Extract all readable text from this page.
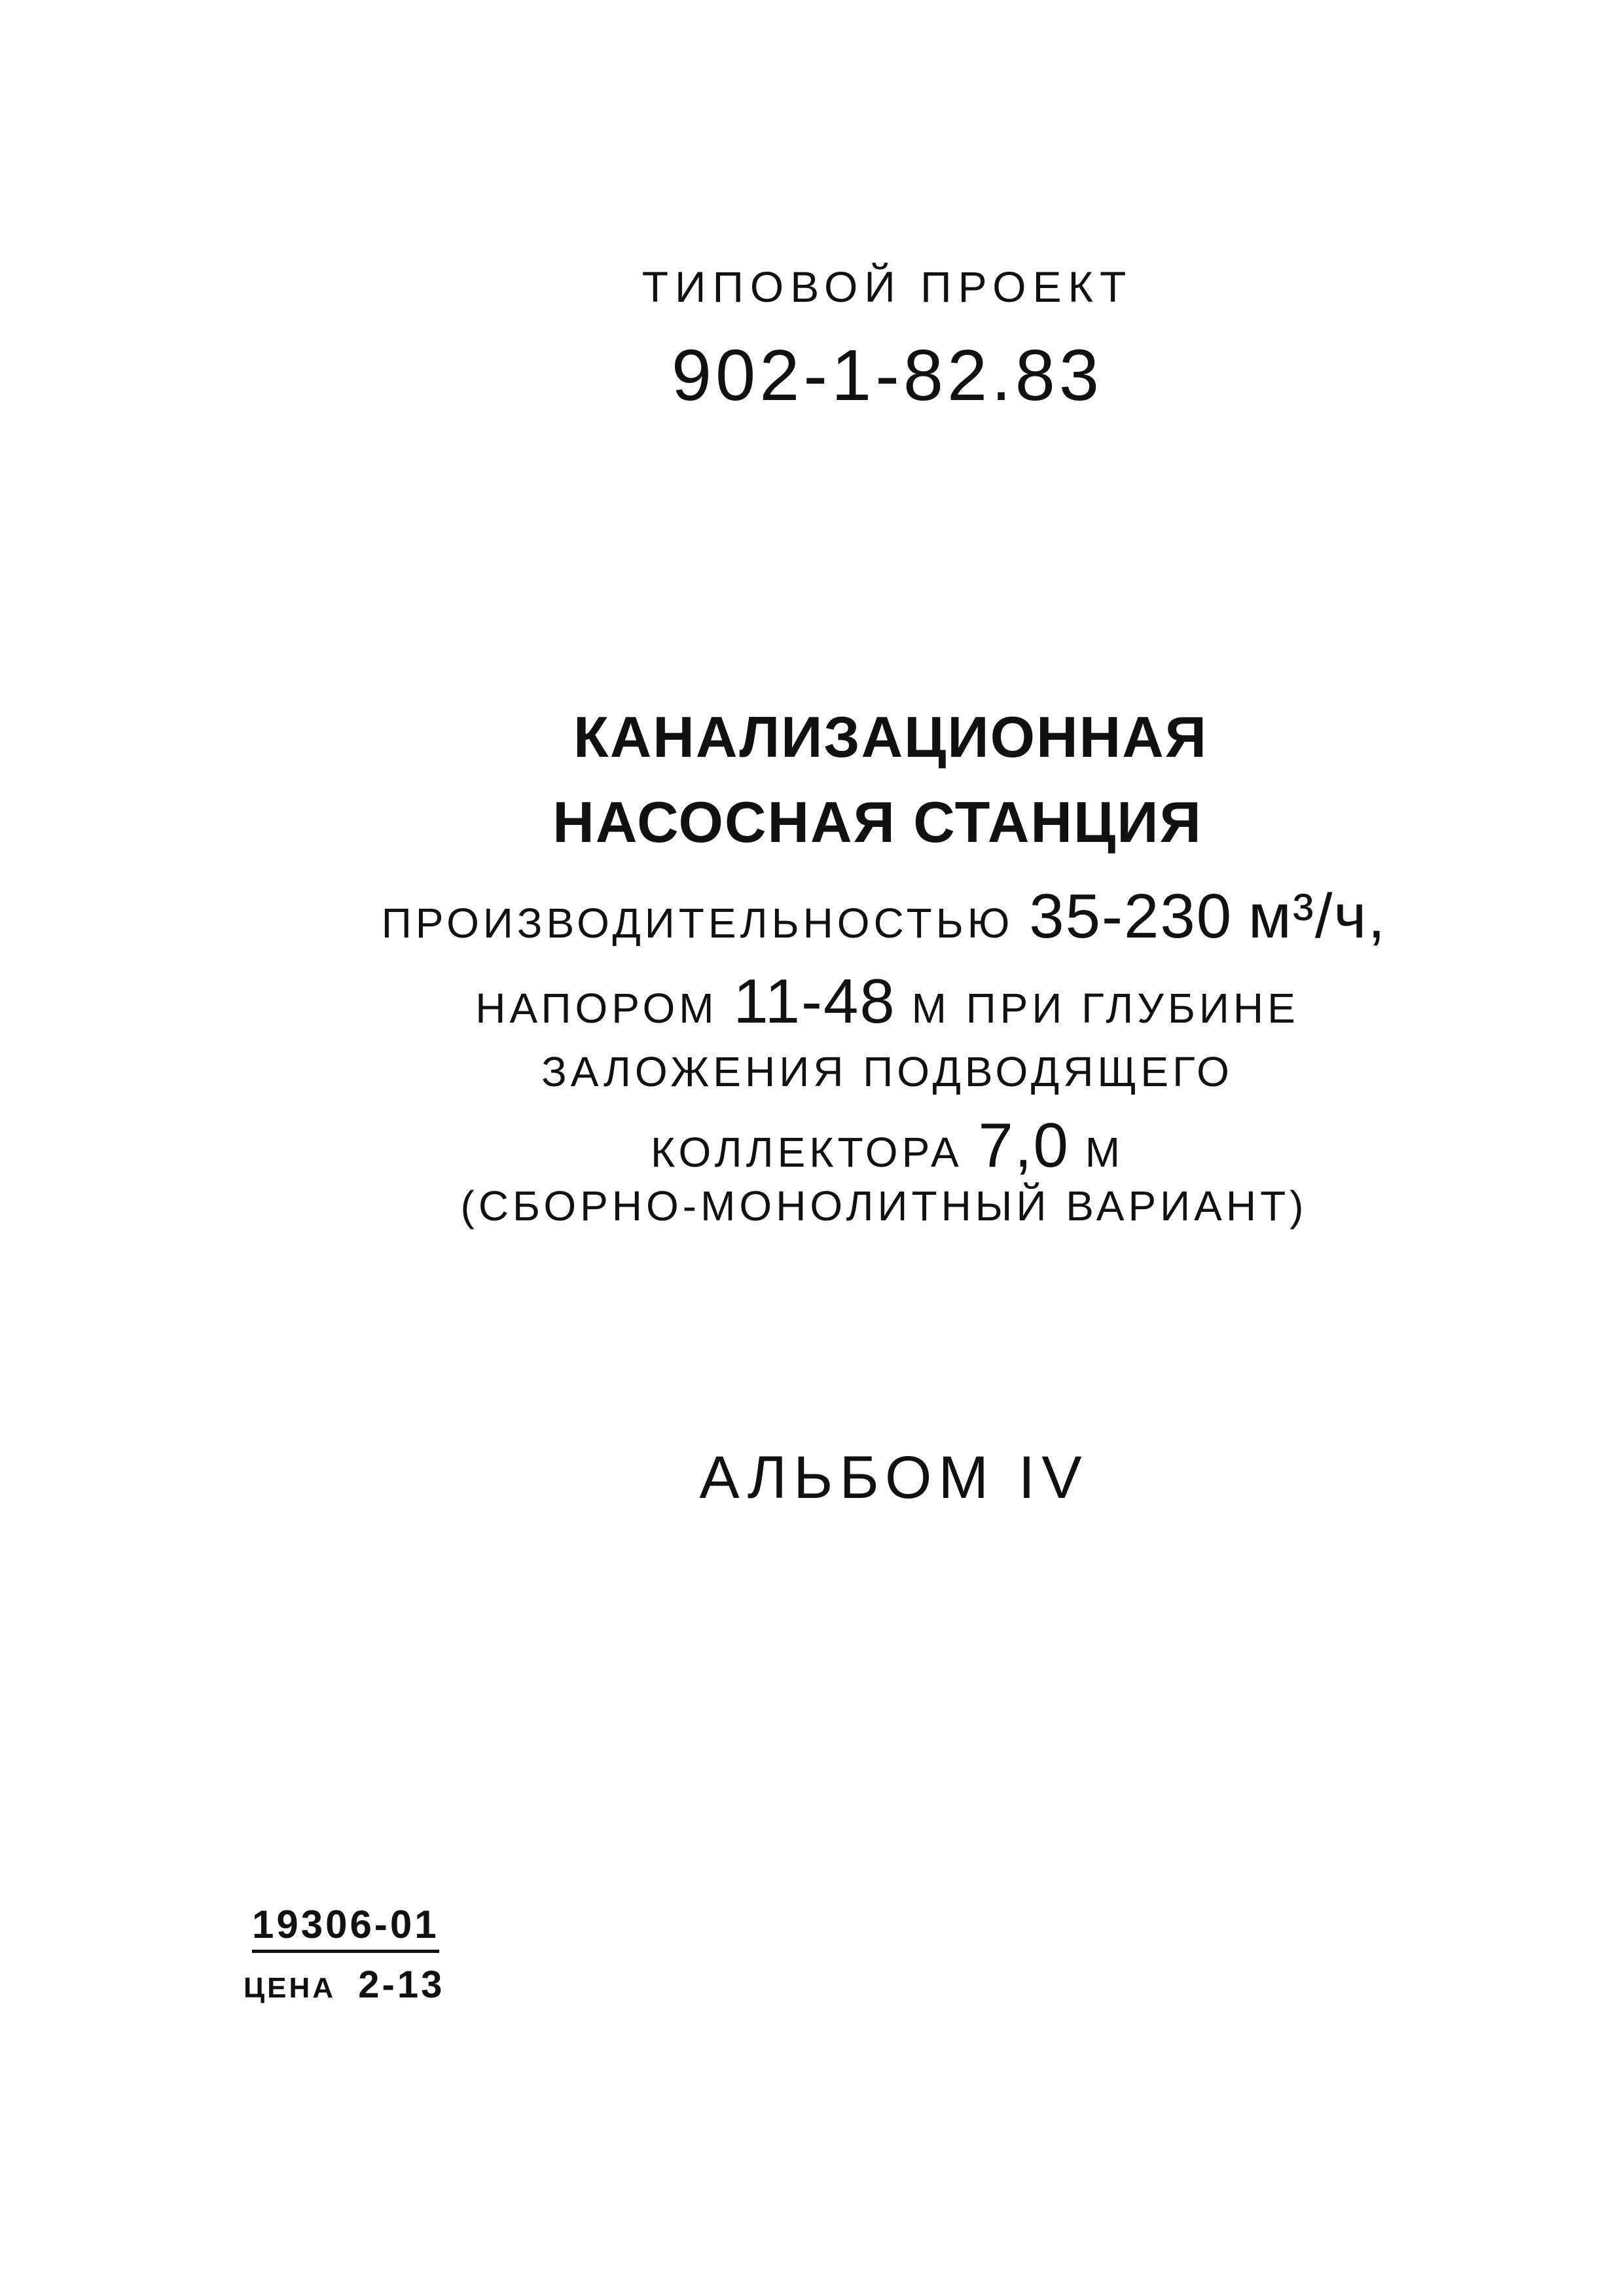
ТИПОВОЙ ПРОЕКТ
902-1-82.83
КАНАЛИЗАЦИОННАЯ
НАСОСНАЯ СТАНЦИЯ
ПРОИЗВОДИТЕЛЬНОСТЬЮ 35-230 м³/ч,
НАПОРОМ 11-48 М ПРИ ГЛУБИНЕ
ЗАЛОЖЕНИЯ ПОДВОДЯЩЕГО
КОЛЛЕКТОРА 7,0 М
(СБОРНО-МОНОЛИТНЫЙ ВАРИАНТ)
АЛЬБОМ IV
19306-01
ЦЕНА 2-13
